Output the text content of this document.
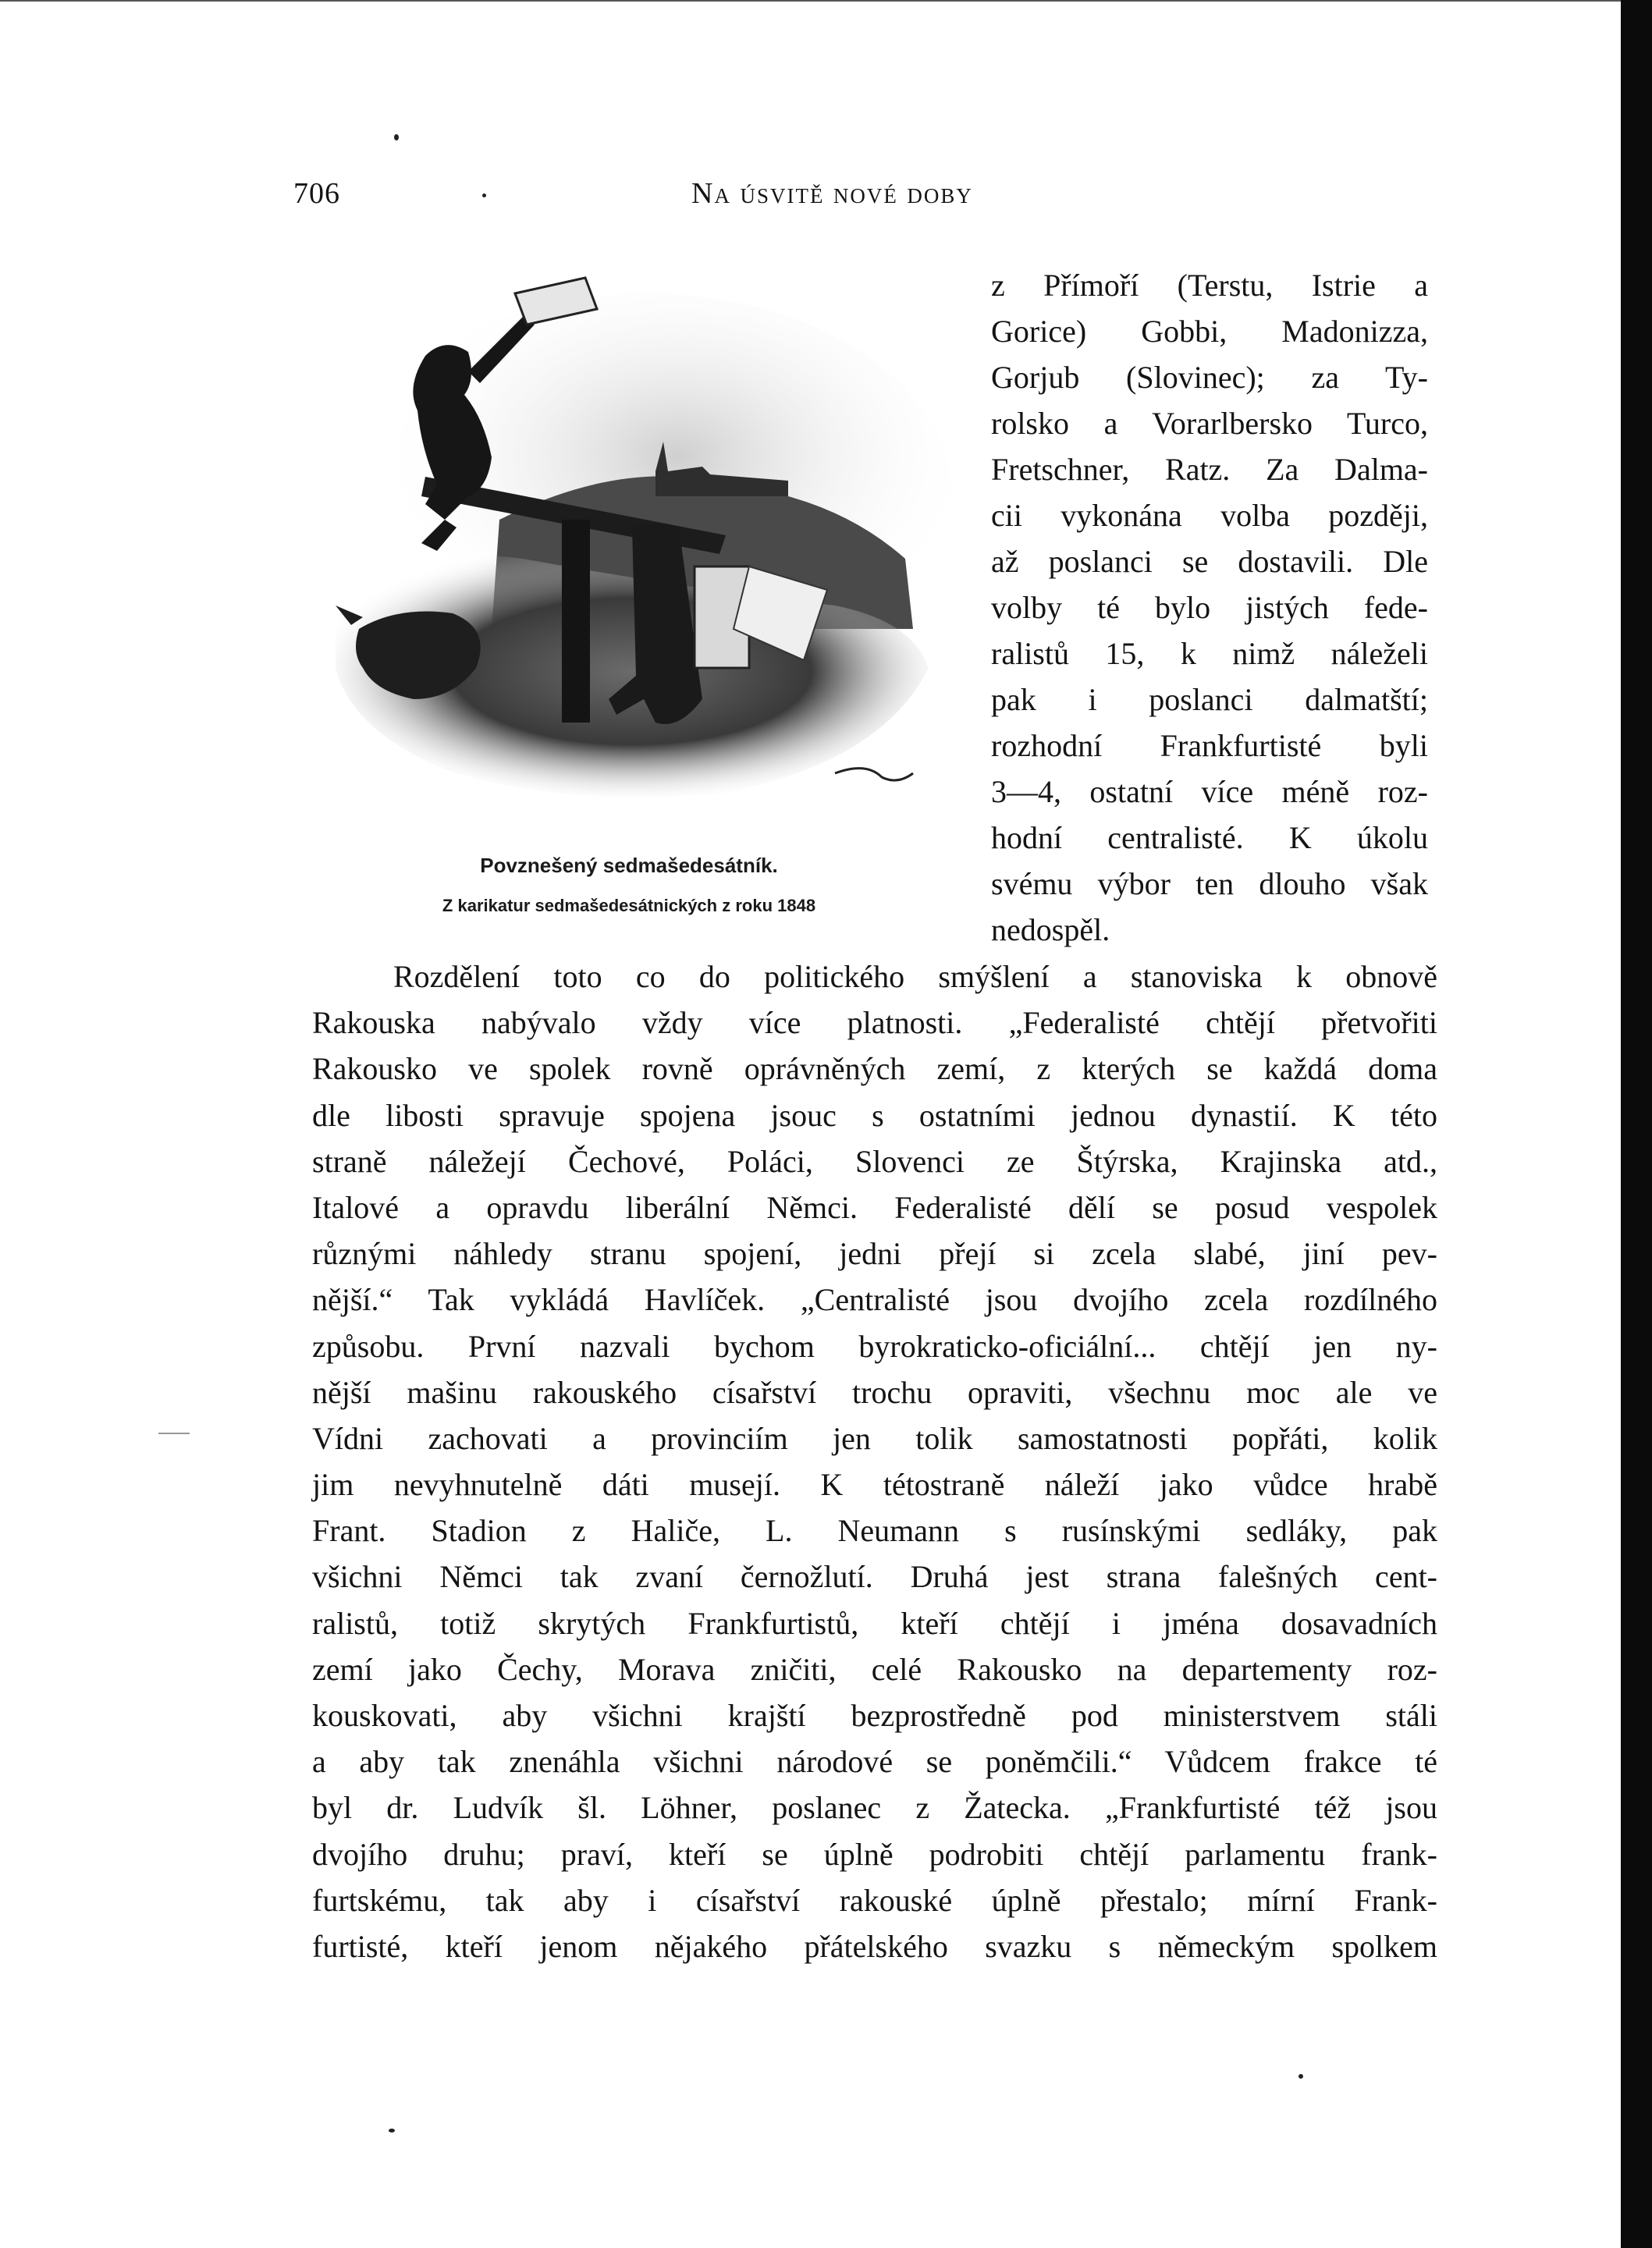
706	Na úsvitě nové doby
Povznešený sedmašedesátník.
Z karikatur sedmašedesátnických z roku 1848
z Přímoří (Terstu, Istrie a
Gorice) Gobbi, Madonizza,
Gorjub (Slovinec); za Ty-
rolsko a Vorarlbersko Turco,
Fretschner, Ratz. Za Dalma-
cii vykonána volba později,
až poslanci se dostavili. Dle
volby té bylo jistých fede-
ralistů 15, k nimž náleželi
pak i poslanci dalmatští;
rozhodní Frankfurtisté byli
3—4, ostatní více méně roz-
hodní centralisté. K úkolu
svému výbor ten dlouho však
nedospěl.
Rozdělení toto co do politického smýšlení a stanoviska k obnově
Rakouska nabývalo vždy více platnosti. „Federalisté chtějí přetvořiti
Rakousko ve spolek rovně oprávněných zemí, z kterých se každá doma
dle libosti spravuje spojena jsouc s ostatními jednou dynastií. K této
straně náležejí Čechové, Poláci, Slovenci ze Štýrska, Krajinska atd.,
Italové a opravdu liberální Němci. Federalisté dělí se posud vespolek
různými náhledy stranu spojení, jedni přejí si zcela slabé, jiní pev-
nější.“ Tak vykládá Havlíček. „Centralisté jsou dvojího zcela rozdílného
způsobu. První nazvali bychom byrokraticko-oficiální... chtějí jen ny-
nější mašinu rakouského císařství trochu opraviti, všechnu moc ale ve
Vídni zachovati a provinciím jen tolik samostatnosti popřáti, kolik
jim nevyhnutelně dáti musejí. K tétostraně náleží jako vůdce hrabě
Frant. Stadion z Haliče, L. Neumann s rusínskými sedláky, pak
všichni Němci tak zvaní černožlutí. Druhá jest strana falešných cent-
ralistů, totiž skrytých Frankfurtistů, kteří chtějí i jména dosavadních
zemí jako Čechy, Morava zničiti, celé Rakousko na departementy roz-
kouskovati, aby všichni krajští bezprostředně pod ministerstvem stáli
a aby tak znenáhla všichni národové se poněmčili.“ Vůdcem frakce té
byl dr. Ludvík šl. Löhner, poslanec z Žatecka. „Frankfurtisté též jsou
dvojího druhu; praví, kteří se úplně podrobiti chtějí parlamentu frank-
furtskému, tak aby i císařství rakouské úplně přestalo; mírní Frank-
furtisté, kteří jenom nějakého přátelského svazku s německým spolkem
